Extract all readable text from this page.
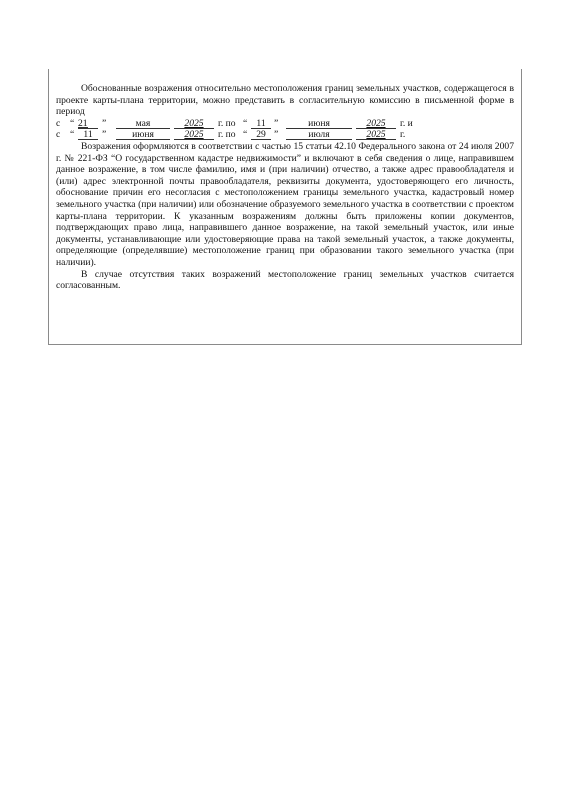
Обоснованные возражения относительно местоположения границ земельных участков, содержащегося в проекте карты-плана территории, можно представить в согласительную комиссию в письменной форме в период

с “ 21 ”	мая	2025	г. по “ 11 ”	июня	2025	г. и
с “ 11 ”	июня	2025	г. по “ 29 ”	июля	2025	г.

Возражения оформляются в соответствии с частью 15 статьи 42.10 Федерального закона от 24 июля 2007 г. № 221-ФЗ “О государственном кадастре недвижимости” и включают в себя сведения о лице, направившем данное возражение, в том числе фамилию, имя и (при наличии) отчество, а также адрес правообладателя и (или) адрес электронной почты правообладателя, реквизиты документа, удостоверяющего его личность, обоснование причин его несогласия с местоположением границы земельного участка, кадастровый номер земельного участка (при наличии) или обозначение образуемого земельного участка в соответствии с проектом карты-плана территории. К указанным возражениям должны быть приложены копии документов, подтверждающих право лица, направившего данное возражение, на такой земельный участок, или иные документы, устанавливающие или удостоверяющие права на такой земельный участок, а также документы, определяющие (определявшие) местоположение границ при образовании такого земельного участка (при наличии).

В случае отсутствия таких возражений местоположение границ земельных участков считается согласованным.
